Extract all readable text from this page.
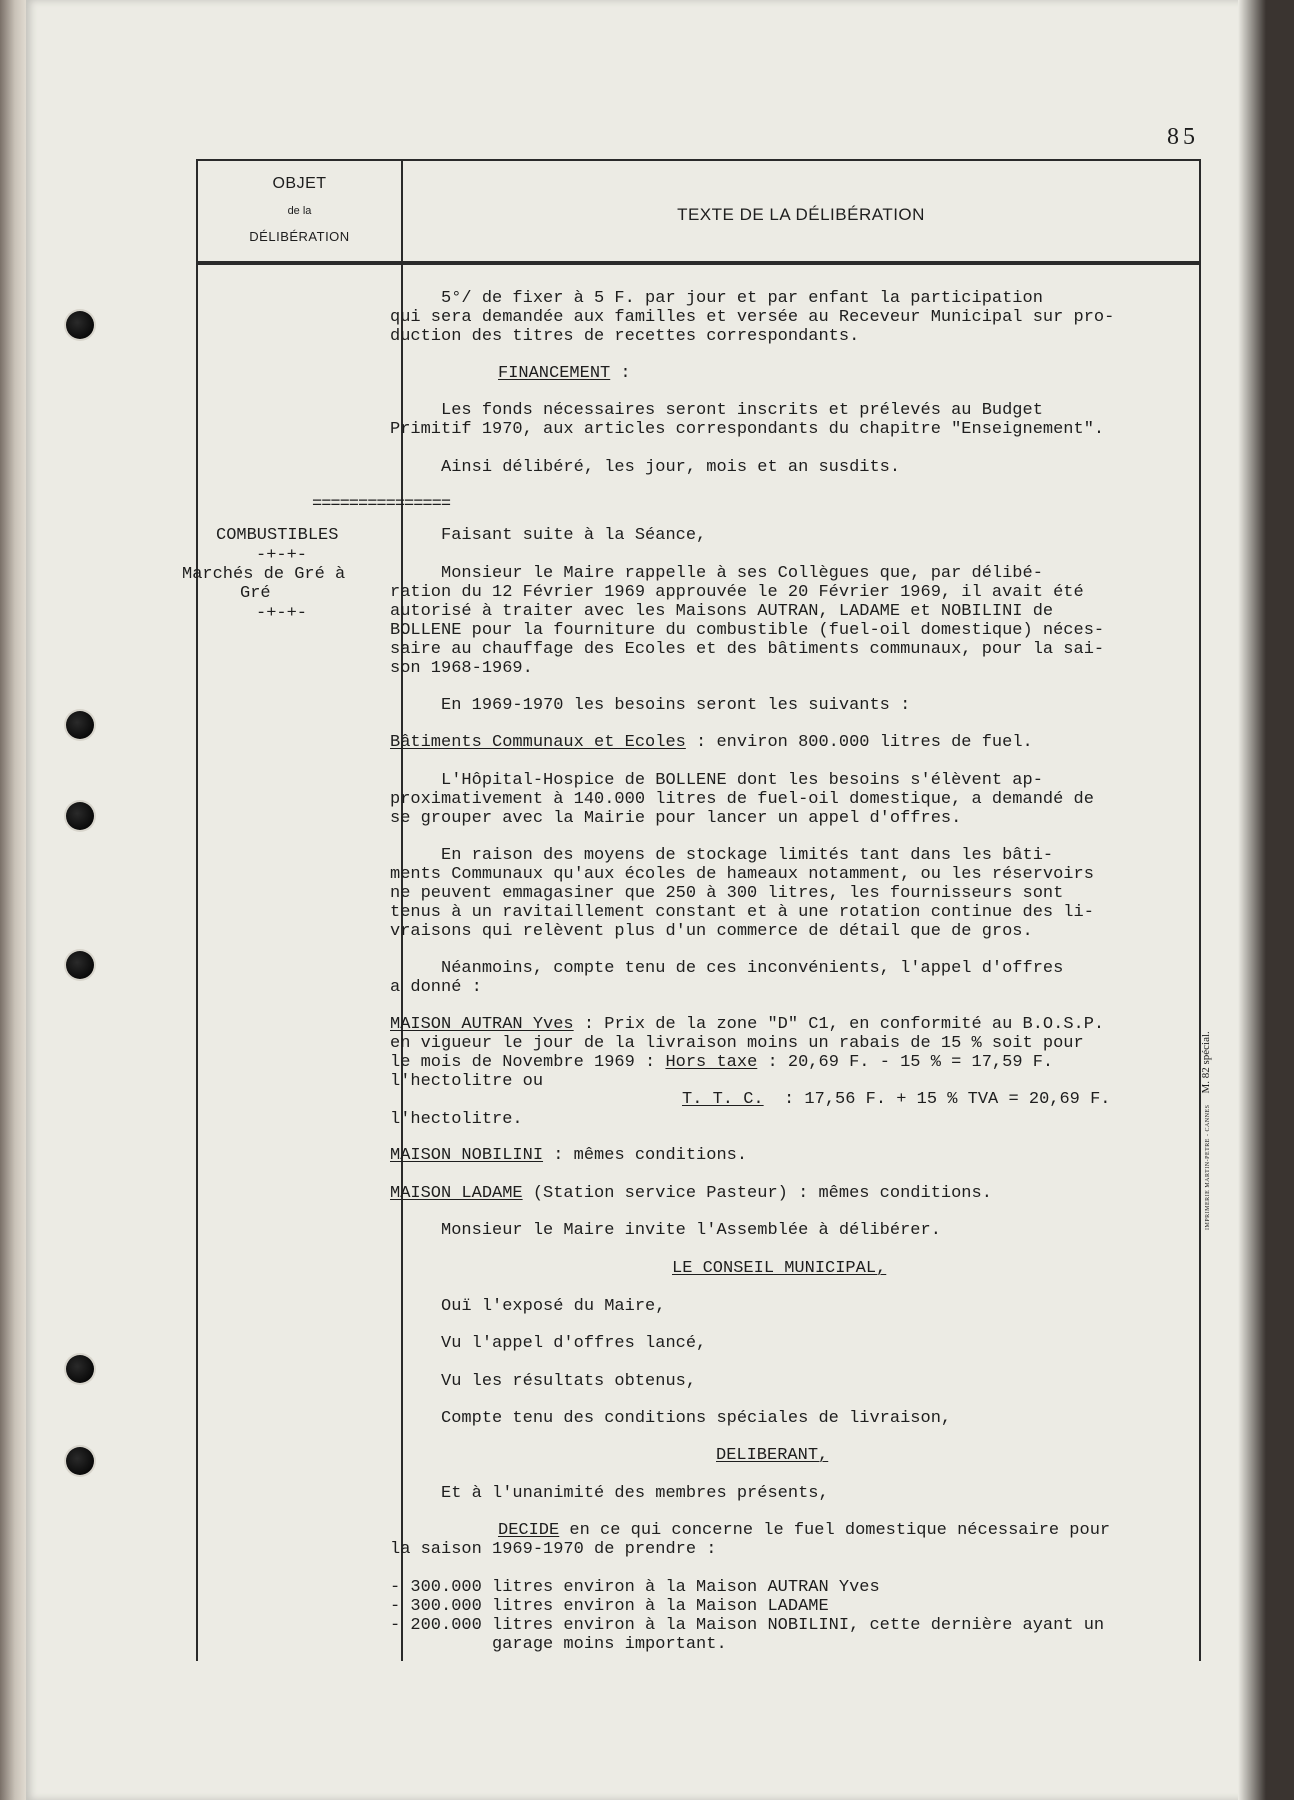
85
OBJET
de la
DÉLIBÉRATION
TEXTE DE LA DÉLIBÉRATION
COMBUSTIBLES
-+-+-
Marchés de Gré à
Gré
-+-+-
===============
5°/ de fixer à 5 F. par jour et par enfant la participation
qui sera demandée aux familles et versée au Receveur Municipal sur pro-
duction des titres de recettes correspondants.
FINANCEMENT :
Les fonds nécessaires seront inscrits et prélevés au Budget
Primitif 1970, aux articles correspondants du chapitre "Enseignement".
Ainsi délibéré, les jour, mois et an susdits.
Faisant suite à la Séance,
Monsieur le Maire rappelle à ses Collègues que, par délibé-
ration du 12 Février 1969 approuvée le 20 Février 1969, il avait été
autorisé à traiter avec les Maisons AUTRAN, LADAME et NOBILINI de
BOLLENE pour la fourniture du combustible (fuel-oil domestique) néces-
saire au chauffage des Ecoles et des bâtiments communaux, pour la sai-
son 1968-1969.
En 1969-1970 les besoins seront les suivants :
Bâtiments Communaux et Ecoles : environ 800.000 litres de fuel.
L'Hôpital-Hospice de BOLLENE dont les besoins s'élèvent ap-
proximativement à 140.000 litres de fuel-oil domestique, a demandé de
se grouper avec la Mairie pour lancer un appel d'offres.
En raison des moyens de stockage limités tant dans les bâti-
ments Communaux qu'aux écoles de hameaux notamment, ou les réservoirs
ne peuvent emmagasiner que 250 à 300 litres, les fournisseurs sont
tenus à un ravitaillement constant et à une rotation continue des li-
vraisons qui relèvent plus d'un commerce de détail que de gros.
Néanmoins, compte tenu de ces inconvénients, l'appel d'offres
a donné :
MAISON AUTRAN Yves : Prix de la zone "D" C1, en conformité au B.O.S.P.
en vigueur le jour de la livraison moins un rabais de 15 % soit pour
le mois de Novembre 1969 : Hors taxe : 20,69 F. - 15 % = 17,59 F.
l'hectolitre ou
T. T. C.  : 17,56 F. + 15 % TVA = 20,69 F.
l'hectolitre.
MAISON NOBILINI : mêmes conditions.
MAISON LADAME (Station service Pasteur) : mêmes conditions.
Monsieur le Maire invite l'Assemblée à délibérer.
LE CONSEIL MUNICIPAL,
Ouï l'exposé du Maire,
Vu l'appel d'offres lancé,
Vu les résultats obtenus,
Compte tenu des conditions spéciales de livraison,
DELIBERANT,
Et à l'unanimité des membres présents,
DECIDE en ce qui concerne le fuel domestique nécessaire pour
la saison 1969-1970 de prendre :
- 300.000 litres environ à la Maison AUTRAN Yves
- 300.000 litres environ à la Maison LADAME
- 200.000 litres environ à la Maison NOBILINI, cette dernière ayant un
garage moins important.
IMPRIMERIE MARTIN-PETRE - CANNES    M. 82 spécial.
